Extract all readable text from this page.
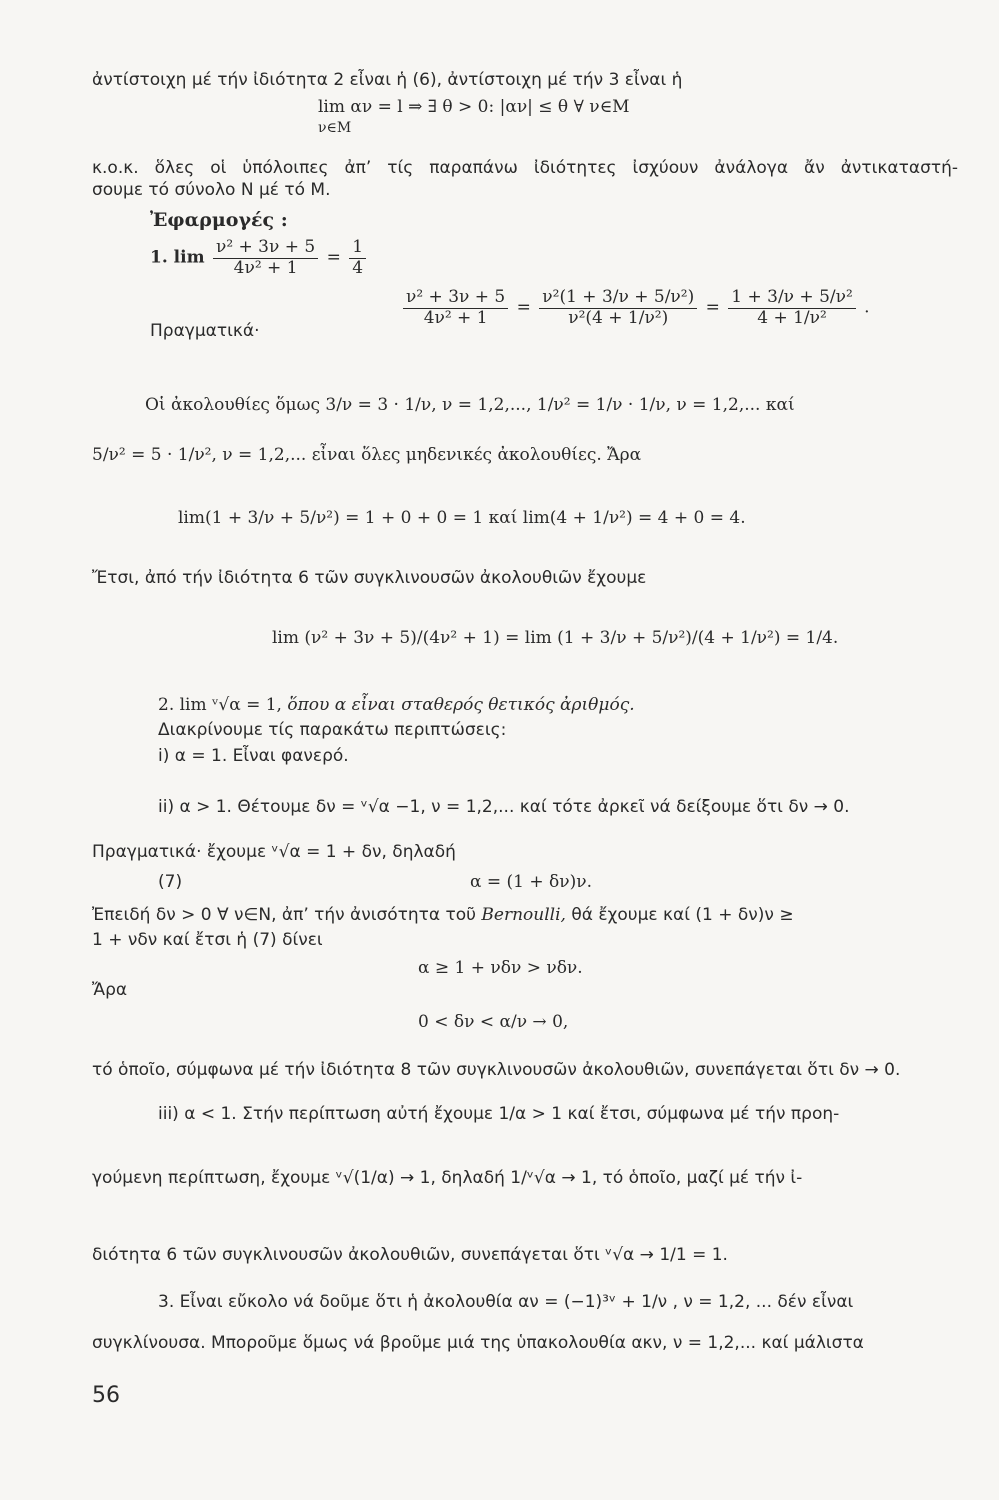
ἀντίστοιχη μέ τήν ἰδιότητα 2 εἶναι ἡ (6), ἀντίστοιχη μέ τήν 3 εἶναι ἡ
lim αν = l ⇒ ∃ θ > 0: |αν| ≤ θ ∀ ν∈M
ν∈M
κ.ο.κ. ὅλες οἱ ὑπόλοιπες ἀπ’ τίς παραπάνω ἰδιότητες ἰσχύουν ἀνάλογα ἄν ἀντικαταστή-
σουμε τό σύνολο N μέ τό M.
Ἐφαρμογές :
1. $\lim \frac{\text{ν² + 3ν + 5}}{\text{4ν² + 1}} = \frac{1}{4}$
Πραγματικά·
$\frac{\text{ν² + 3ν + 5}}{\text{4ν² + 1}} = \frac{\text{ν²(1 + 3/ν + 5/ν²)}}{\text{ν²(4 + 1/ν²)}} = \frac{\text{1 + 3/ν + 5/ν²}}{\text{4 + 1/ν²}}$ .
Οἱ ἀκολουθίες ὅμως 3/ν = 3 · 1/ν, ν = 1,2,..., 1/ν² = 1/ν · 1/ν, ν = 1,2,... καί
5/ν² = 5 · 1/ν², ν = 1,2,... εἶναι ὅλες μηδενικές ἀκολουθίες. Ἄρα
lim(1 + 3/ν + 5/ν²) = 1 + 0 + 0 = 1 καί lim(4 + 1/ν²) = 4 + 0 = 4.
Ἔτσι, ἀπό τήν ἰδιότητα 6 τῶν συγκλινουσῶν ἀκολουθιῶν ἔχουμε
lim (ν² + 3ν + 5)/(4ν² + 1) = lim (1 + 3/ν + 5/ν²)/(4 + 1/ν²) = 1/4.
2. lim ᵛ√α = 1, ὅπου α εἶναι σταθερός θετικός ἀριθμός.
Διακρίνουμε τίς παρακάτω περιπτώσεις:
i) α = 1. Εἶναι φανερό.
ii) α > 1. Θέτουμε δν = ᵛ√α −1, ν = 1,2,... καί τότε ἀρκεῖ νά δείξουμε ὅτι δν → 0.
Πραγματικά· ἔχουμε ᵛ√α = 1 + δν, δηλαδή
(7)	α = (1 + δν)ν.
Ἐπειδή δν > 0 ∀ ν∈N, ἀπ’ τήν ἀνισότητα τοῦ Bernoulli, θά ἔχουμε καί (1 + δν)ν ≥
1 + νδν καί ἔτσι ἡ (7) δίνει
α ≥ 1 + νδν > νδν.
Ἄρα
0 < δν < α/ν → 0,
τό ὁποῖο, σύμφωνα μέ τήν ἰδιότητα 8 τῶν συγκλινουσῶν ἀκολουθιῶν, συνεπάγεται ὅτι δν → 0.
iii) α < 1. Στήν περίπτωση αὐτή ἔχουμε 1/α > 1 καί ἔτσι, σύμφωνα μέ τήν προη-
γούμενη περίπτωση, ἔχουμε ᵛ√(1/α) → 1, δηλαδή 1/ᵛ√α → 1, τό ὁποῖο, μαζί μέ τήν ἰ-
διότητα 6 τῶν συγκλινουσῶν ἀκολουθιῶν, συνεπάγεται ὅτι ᵛ√α → 1/1 = 1.
3. Εἶναι εὔκολο νά δοῦμε ὅτι ἡ ἀκολουθία αν = (−1)³ᵛ + 1/ν , ν = 1,2, ... δέν εἶναι
συγκλίνουσα. Μποροῦμε ὅμως νά βροῦμε μιά της ὑπακολουθία ακν, ν = 1,2,... καί μάλιστα
56
